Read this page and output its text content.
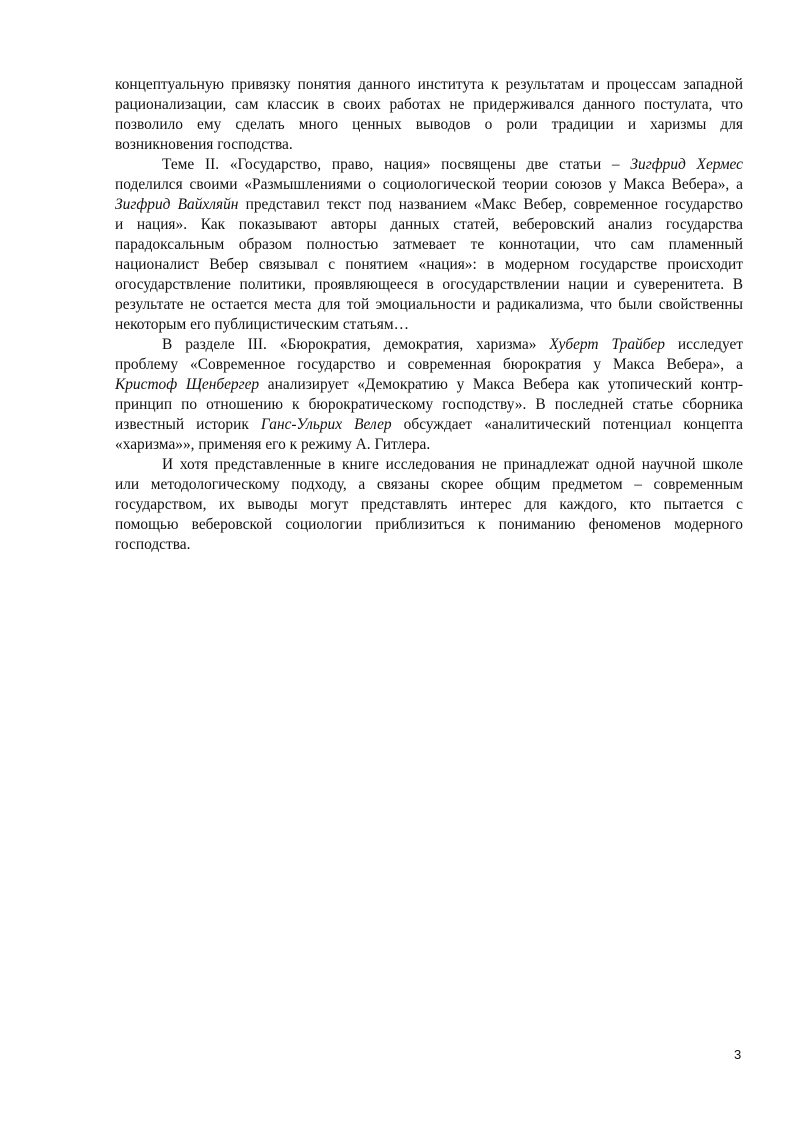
концептуальную привязку понятия данного института к результатам и процессам западной
рационализации, сам классик в своих работах не придерживался данного постулата, что
позволило ему сделать много ценных выводов о роли традиции и харизмы для
возникновения господства.
Теме II. «Государство, право, нация» посвящены две статьи – Зигфрид Хермес
поделился своими «Размышлениями о социологической теории союзов у Макса Вебера», а
Зигфрид Вайхляйн представил текст под названием «Макс Вебер, современное государство
и нация». Как показывают авторы данных статей, веберовский анализ государства
парадоксальным образом полностью затмевает те коннотации, что сам пламенный
националист Вебер связывал с понятием «нация»: в модерном государстве происходит
огосударствление политики, проявляющееся в огосударствлении нации и суверенитета. В
результате не остается места для той эмоциальности и радикализма, что были свойственны
некоторым его публицистическим статьям…
В разделе III. «Бюрократия, демократия, харизма» Хуберт Трайбер исследует
проблему «Современное государство и современная бюрократия у Макса Вебера», а
Кристоф Щенбергер анализирует «Демократию у Макса Вебера как утопический контр-
принцип по отношению к бюрократическому господству». В последней статье сборника
известный историк Ганс-Ульрих Велер обсуждает «аналитический потенциал концепта
«харизма»», применяя его к режиму А. Гитлера.
И хотя представленные в книге исследования не принадлежат одной научной школе
или методологическому подходу, а связаны скорее общим предметом – современным
государством, их выводы могут представлять интерес для каждого, кто пытается с
помощью веберовской социологии приблизиться к пониманию феноменов модерного
господства.
3
